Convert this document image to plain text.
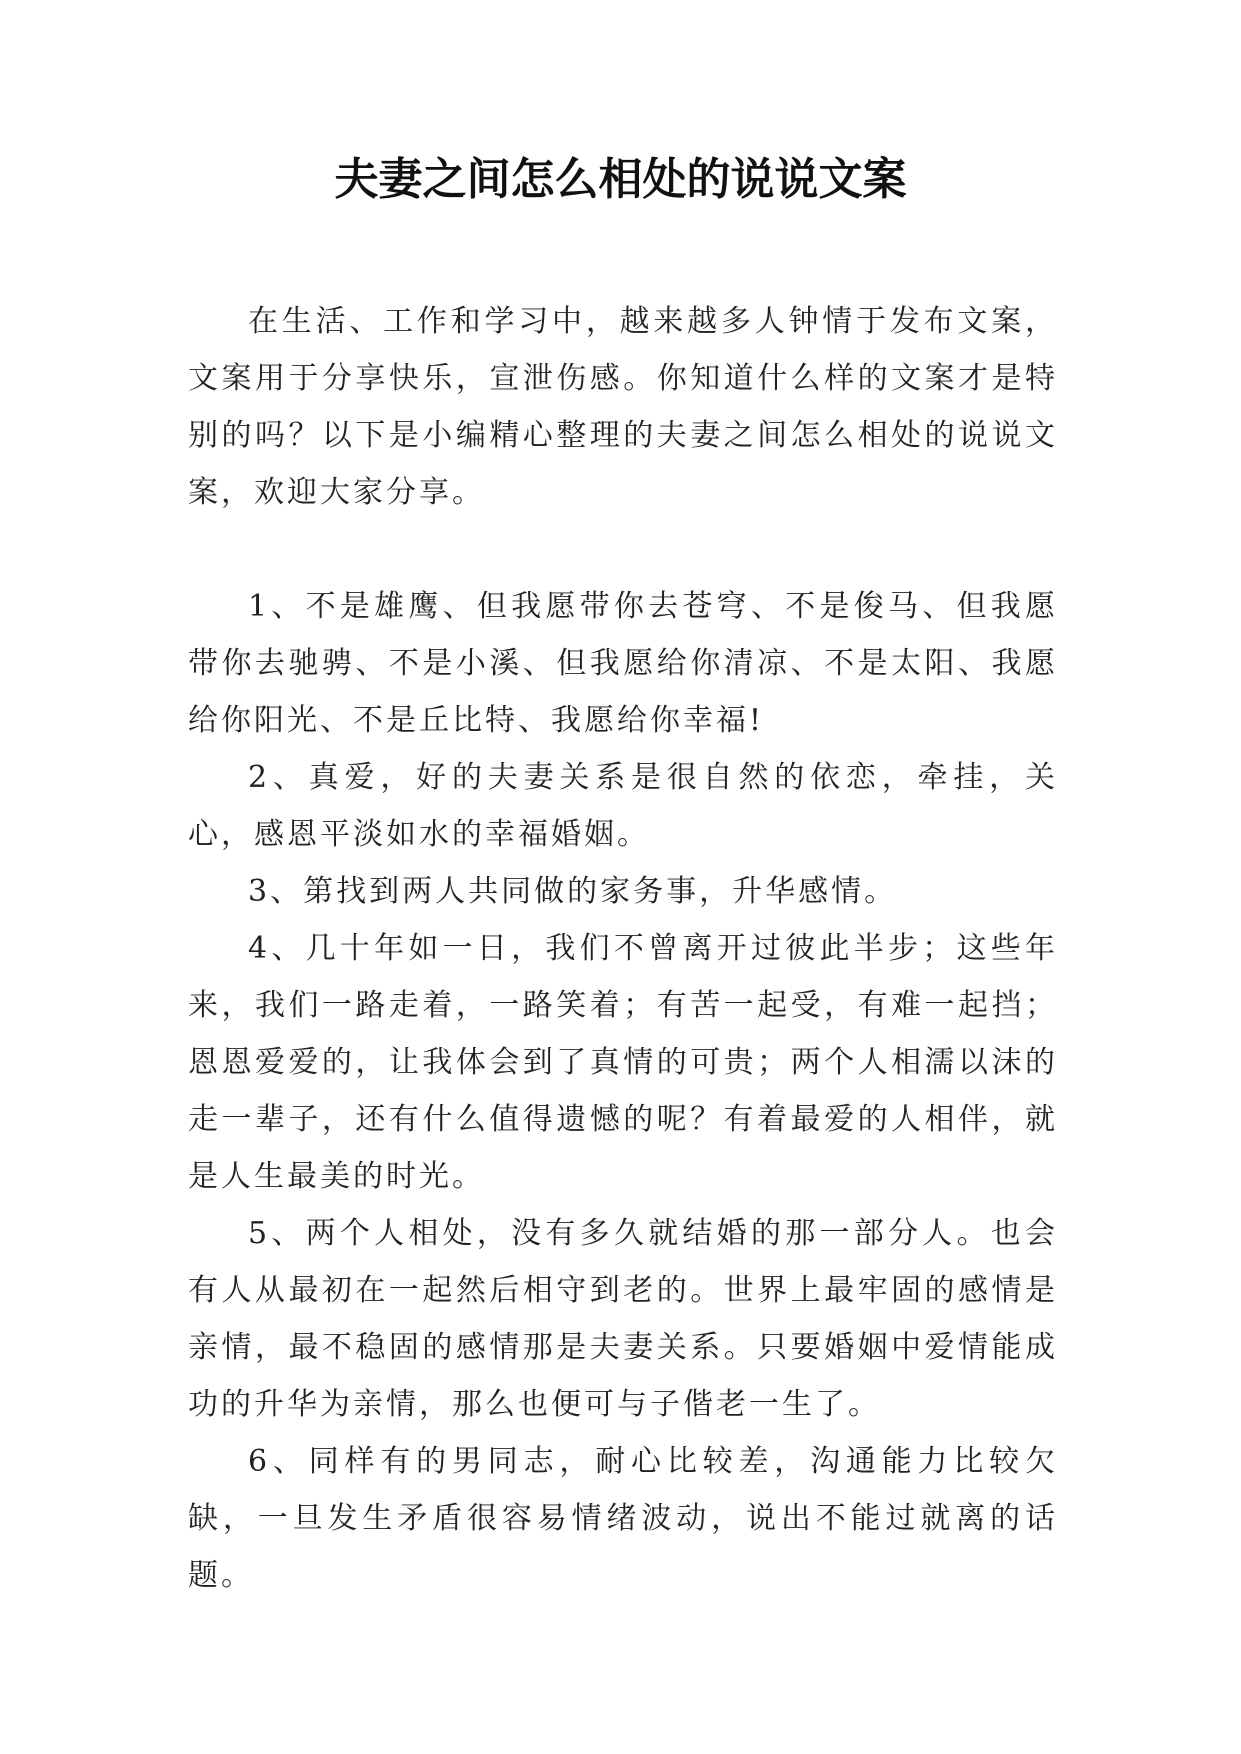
夫妻之间怎么相处的说说文案

在生活、工作和学习中，越来越多人钟情于发布文案，文案用于分享快乐，宣泄伤感。你知道什么样的文案才是特别的吗？以下是小编精心整理的夫妻之间怎么相处的说说文案，欢迎大家分享。

1、不是雄鹰、但我愿带你去苍穹、不是俊马、但我愿带你去驰骋、不是小溪、但我愿给你清凉、不是太阳、我愿给你阳光、不是丘比特、我愿给你幸福!

2、真爱，好的夫妻关系是很自然的依恋，牵挂，关心，感恩平淡如水的幸福婚姻。

3、第找到两人共同做的家务事，升华感情。

4、几十年如一日，我们不曾离开过彼此半步；这些年来，我们一路走着，一路笑着；有苦一起受，有难一起挡；恩恩爱爱的，让我体会到了真情的可贵；两个人相濡以沫的走一辈子，还有什么值得遗憾的呢？有着最爱的人相伴，就是人生最美的时光。

5、两个人相处，没有多久就结婚的那一部分人。也会有人从最初在一起然后相守到老的。世界上最牢固的感情是亲情，最不稳固的感情那是夫妻关系。只要婚姻中爱情能成功的升华为亲情，那么也便可与子偕老一生了。

6、同样有的男同志，耐心比较差，沟通能力比较欠缺，一旦发生矛盾很容易情绪波动，说出不能过就离的话题。
